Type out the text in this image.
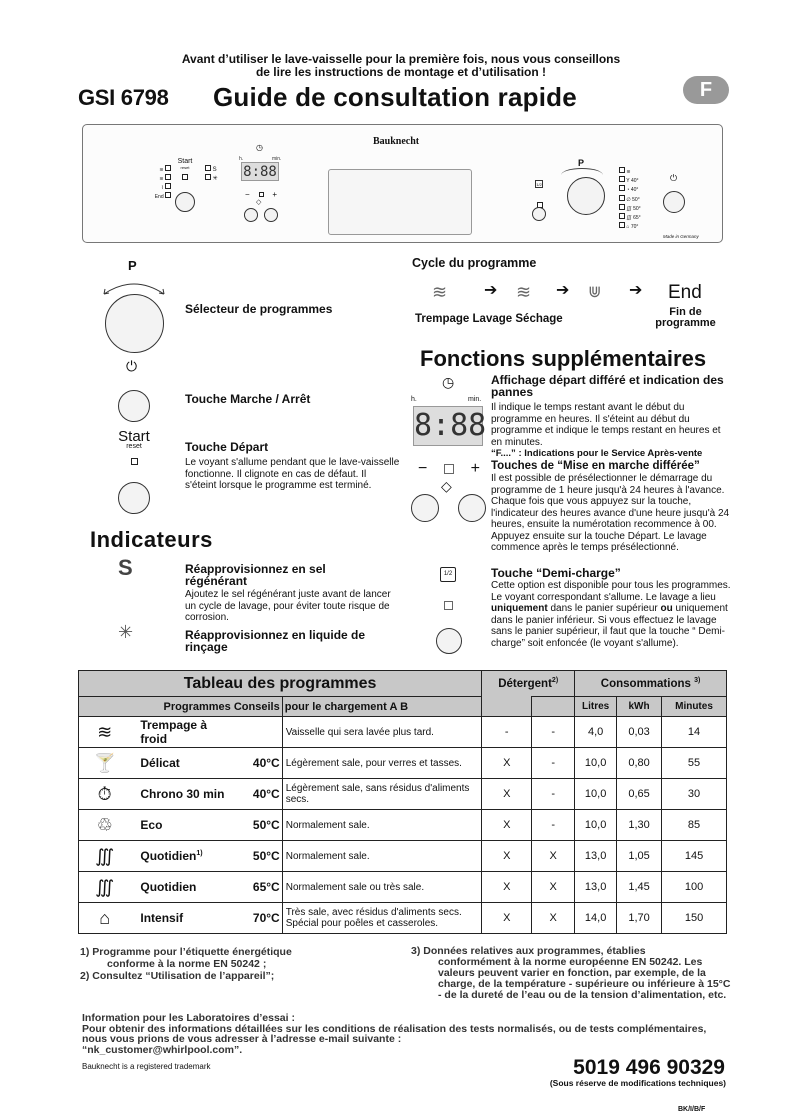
Avant d’utiliser le lave-vaisselle pour la première fois, nous vous conseillons
de lire les instructions de montage et d’utilisation !
GSI 6798 Guide de consultation rapide	F
≋
≋
⌇
End
Start
reset	S
✳
◷
h.	min.
8:88
−	+
◇
Bauknecht
1/2
P
≋
Y 40°
◔ 40°
∅ 50°
∭ 50°
∭ 65°
⌂ 70°
⏻
Made in Germany
P
Sélecteur de programmes
⏻
Touche Marche / Arrêt
Start
reset	Touche Départ
Le voyant s'allume pendant que le lave-vaisselle fonctionne. Il clignote en cas de défaut. Il s'éteint lorsque le programme est terminé.
Indicateurs
S	Réapprovisionnez en sel régénérant
Ajoutez le sel régénérant juste avant de lancer un cycle de lavage, pour éviter toute risque de corrosion.
✳	Réapprovisionnez en liquide de rinçage
Cycle du programme
≋ ➔ ≋ ➔ ⋓ ➔ End
Trempage Lavage Séchage
Fin de programme
Fonctions supplémentaires
◷
h.	min.
8:88
Affichage départ différé et indication des pannes
Il indique le temps restant avant le début du programme en heures. Il s'éteint au début du programme et indique le temps restant en heures et en minutes.
“F....” : Indications pour le Service Après-vente
−	+
◇
Touches de “Mise en marche différée”
Il est possible de présélectionner le démarrage du programme de 1 heure jusqu'à 24 heures à l'avance. Chaque fois que vous appuyez sur la touche, l'indicateur des heures avance d'une heure jusqu'à 24 heures, ensuite la numérotation recommence à 00. Appuyez ensuite sur la touche Départ. Le lavage commence après le temps présélectionné.
1/2	Touche “Demi-charge”
Cette option est disponible pour tous les programmes. Le voyant correspondant s'allume. Le lavage a lieu uniquement dans le panier supérieur ou uniquement dans le panier inférieur. Si vous effectuez le lavage sans le panier supérieur, il faut que la touche “ Demi-charge” soit enfoncée (le voyant s'allume).
Tableau des programmes				Détergent$^{2)}$		Consommations $^{3)}$
Programmes Conseils			pour le chargement A B			Litres	kWh	Minutes
≋	Trempage à froid		Vaisselle qui sera lavée plus tard.	-	-	4,0	0,03	14
🍸	Délicat	40°C	Légèrement sale, pour verres et tasses.	X	-	10,0	0,80	55
⏱	Chrono 30 min	40°C	Légèrement sale, sans résidus d'aliments secs.	X	-	10,0	0,65	30
♲	Eco	50°C	Normalement sale.	X	-	10,0	1,30	85
∭	Quotidien$^{1)}$	50°C	Normalement sale.	X	X	13,0	1,05	145
∭	Quotidien	65°C	Normalement sale ou très sale.	X	X	13,0	1,45	100
⌂	Intensif	70°C	Très sale, avec résidus d'aliments secs. Spécial pour poêles et casseroles.	X	X	14,0	1,70	150
1) Programme pour l’étiquette énergétique
conforme à la norme EN 50242 ;
2) Consultez “Utilisation de l’appareil”;
3) Données relatives aux programmes, établies
conformément à la norme européenne EN 50242. Les valeurs peuvent varier en fonction, par exemple, de la charge, de la température - supérieure ou inférieure à 15°C - de la dureté de l’eau ou de la tension d’alimentation, etc.
Information pour les Laboratoires d’essai :
Pour obtenir des informations détaillées sur les conditions de réalisation des tests normalisés, ou de tests complémentaires, nous vous prions de vous adresser à l’adresse e-mail suivante :
“nk_customer@whirlpool.com”.
Bauknecht is a registered trademark	5019 496 90329
(Sous réserve de modifications techniques)
BK/I/B/F
